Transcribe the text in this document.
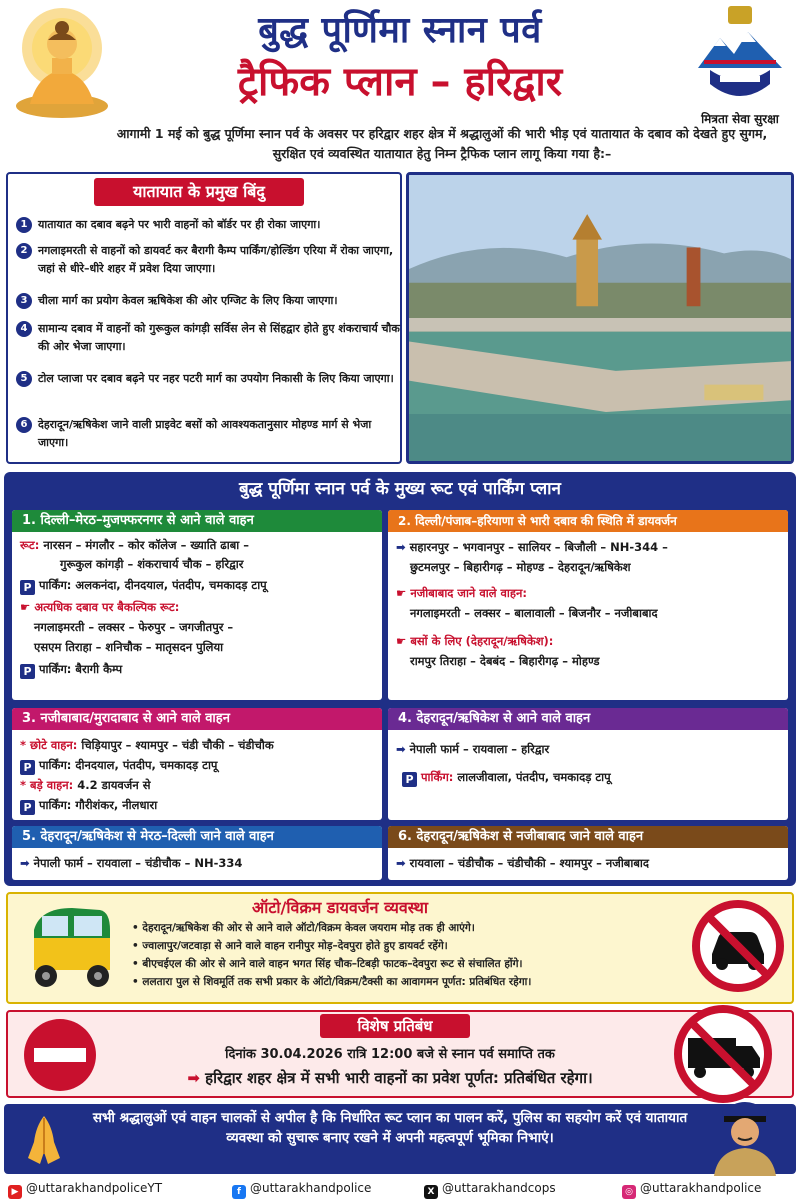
बुद्ध पूर्णिमा स्नान पर्व
ट्रैफिक प्लान – हरिद्वार
मित्रता सेवा सुरक्षा
आगामी 1 मई को बुद्ध पूर्णिमा स्नान पर्व के अवसर पर हरिद्वार शहर क्षेत्र में श्रद्धालुओं की भारी भीड़ एवं यातायात के दबाव को देखते हुए सुगम, सुरक्षित एवं व्यवस्थित यातायात हेतु निम्न ट्रैफिक प्लान लागू किया गया है:–
यातायात के प्रमुख बिंदु
1 यातायात का दबाव बढ़ने पर भारी वाहनों को बॉर्डर पर ही रोका जाएगा।
2 नगलाइमरती से वाहनों को डायवर्ट कर बैरागी कैम्प पार्किंग/होल्डिंग एरिया में रोका जाएगा, जहां से धीरे–धीरे शहर में प्रवेश दिया जाएगा।
3 चीला मार्ग का प्रयोग केवल ऋषिकेश की ओर एग्जिट के लिए किया जाएगा।
4 सामान्य दबाव में वाहनों को गुरूकुल कांगड़ी सर्विस लेन से सिंहद्वार होते हुए शंकराचार्य चौक की ओर भेजा जाएगा।
5 टोल प्लाजा पर दबाव बढ़ने पर नहर पटरी मार्ग का उपयोग निकासी के लिए किया जाएगा।
6 देहरादून/ऋषिकेश जाने वाली प्राइवेट बसों को आवश्यकतानुसार मोहण्ड मार्ग से भेजा जाएगा।
बुद्ध पूर्णिमा स्नान पर्व के मुख्य रूट एवं पार्किंग प्लान
1. दिल्ली–मेरठ–मुजफ्फरनगर से आने वाले वाहन
रूट: नारसन – मंगलौर – कोर कॉलेज – ख्याति ढाबा –
गुरूकुल कांगड़ी – शंकराचार्य चौक – हरिद्वार
P पार्किंग: अलकनंदा, दीनदयाल, पंतदीप, चमकादड़ टापू
☛ अत्यधिक दबाव पर बैकल्पिक रूट:
नगलाइमरती – लक्सर – फेरुपुर – जगजीतपुर –
एसएम तिराहा – शनिचौक – मातृसदन पुलिया
P पार्किंग: बैरागी कैम्प
2. दिल्ली/पंजाब–हरियाणा से भारी दबाव की स्थिति में डायवर्जन
➡ सहारनपुर – भगवानपुर – सालियर – बिजौली – NH-344 –
छुटमलपुर – बिहारीगढ़ – मोहण्ड – देहरादून/ऋषिकेश
☛ नजीबाबाद जाने वाले वाहन:
नगलाइमरती – लक्सर – बालावाली – बिजनौर – नजीबाबाद
☛ बसों के लिए (देहरादून/ऋषिकेश):
रामपुर तिराहा – देबबंद – बिहारीगढ़ – मोहण्ड
3. नजीबाबाद/मुरादाबाद से आने वाले वाहन
* छोटे वाहन: चिड़ियापुर – श्यामपुर – चंडी चौकी – चंडीचौक
P पार्किंग: दीनदयाल, पंतदीप, चमकादड़ टापू
* बड़े वाहन: 4.2 डायवर्जन से
P पार्किंग: गौरीशंकर, नीलधारा
4. देहरादून/ऋषिकेश से आने वाले वाहन
➡ नेपाली फार्म – रायवाला – हरिद्वार
P पार्किंग: लालजीवाला, पंतदीप, चमकादड़ टापू
5. देहरादून/ऋषिकेश से मेरठ–दिल्ली जाने वाले वाहन
➡ नेपाली फार्म – रायवाला – चंडीचौक – NH-334
6. देहरादून/ऋषिकेश से नजीबाबाद जाने वाले वाहन
➡ रायवाला – चंडीचौक – चंडीचौकी – श्यामपुर – नजीबाबाद
ऑटो/विक्रम डायवर्जन व्यवस्था
• देहरादून/ऋषिकेश की ओर से आने वाले ऑटो/विक्रम केवल जयराम मोड़ तक ही आएंगे।
• ज्वालापुर/जटवाड़ा से आने वाले वाहन रानीपुर मोड़–देवपुरा होते हुए डायवर्ट रहेंगे।
• बीएचईएल की ओर से आने वाले वाहन भगत सिंह चौक–टिबड़ी फाटक–देवपुरा रूट से संचालित होंगे।
• ललतारा पुल से शिवमूर्ति तक सभी प्रकार के ऑटो/विक्रम/टैक्सी का आवागमन पूर्णत: प्रतिबंधित रहेगा।
विशेष प्रतिबंध
दिनांक 30.04.2026 रात्रि 12:00 बजे से स्नान पर्व समाप्ति तक
➡ हरिद्वार शहर क्षेत्र में सभी भारी वाहनों का प्रवेश पूर्णत: प्रतिबंधित रहेगा।
सभी श्रद्धालुओं एवं वाहन चालकों से अपील है कि निर्धारित रूट प्लान का पालन करें, पुलिस का सहयोग करें एवं यातायात व्यवस्था को सुचारू बनाए रखने में अपनी महत्वपूर्ण भूमिका निभाएं।
▶ @uttarakhandpoliceYT	f @uttarakhandpolice	X @uttarakhandcops	◎ @uttarakhandpolice
